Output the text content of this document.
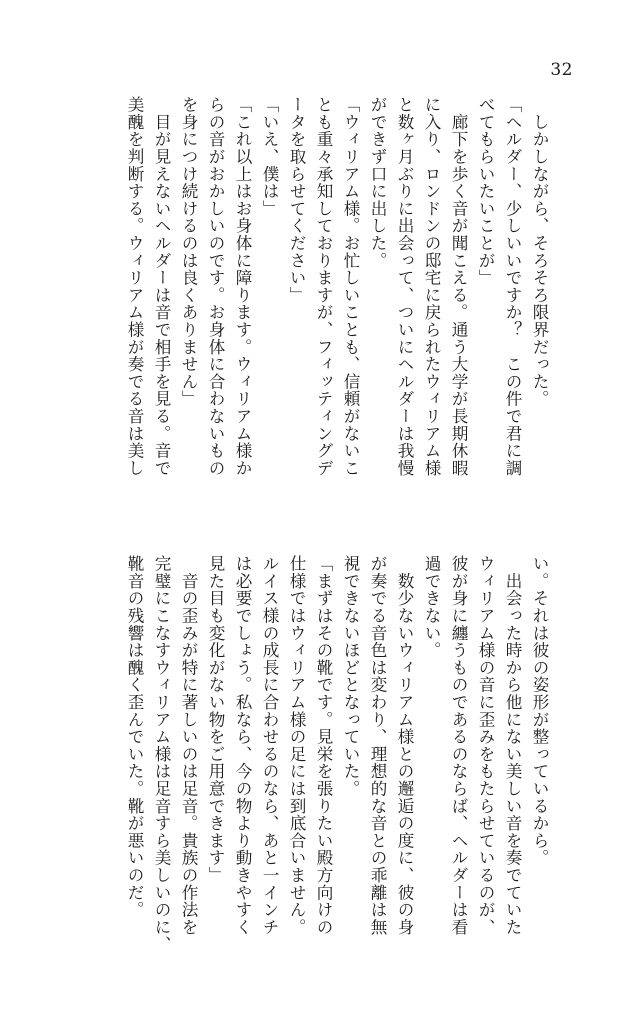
32
　しかしながら、そろそろ限界だった。
「ヘルダー、少しいいですか？　この件で君に調
べてもらいたいことが」
　廊下を歩く音が聞こえる。通う大学が長期休暇
に入り、ロンドンの邸宅に戻られたウィリアム様
と数ヶ月ぶりに出会って、ついにヘルダーは我慢
ができず口に出した。
「ウィリアム様。お忙しいことも、信頼がないこ
とも重々承知しておりますが、フィッティングデ
ータを取らせてください」
「いえ、僕は」
「これ以上はお身体に障ります。ウィリアム様か
らの音がおかしいのです。お身体に合わないもの
を身につけ続けるのは良くありません」
　目が見えないヘルダーは音で相手を見る。音で
美醜を判断する。ウィリアム様が奏でる音は美し
い。それは彼の姿形が整っているから。
　出会った時から他にない美しい音を奏でていた
ウィリアム様の音に歪みをもたらせているのが、
彼が身に纏うものであるのならば、ヘルダーは看
過できない。
　数少ないウィリアム様との邂逅の度に、彼の身
が奏でる音色は変わり、理想的な音との乖離は無
視できないほどとなっていた。
「まずはその靴です。見栄を張りたい殿方向けの
仕様ではウィリアム様の足には到底合いません。
ルイス様の成長に合わせるのなら、あと一インチ
は必要でしょう。私なら、今の物より動きやすく
見た目も変化がない物をご用意できます」
　音の歪みが特に著しいのは足音。貴族の作法を
完璧にこなすウィリアム様は足音すら美しいのに、
靴音の残響は醜く歪んでいた。靴が悪いのだ。
